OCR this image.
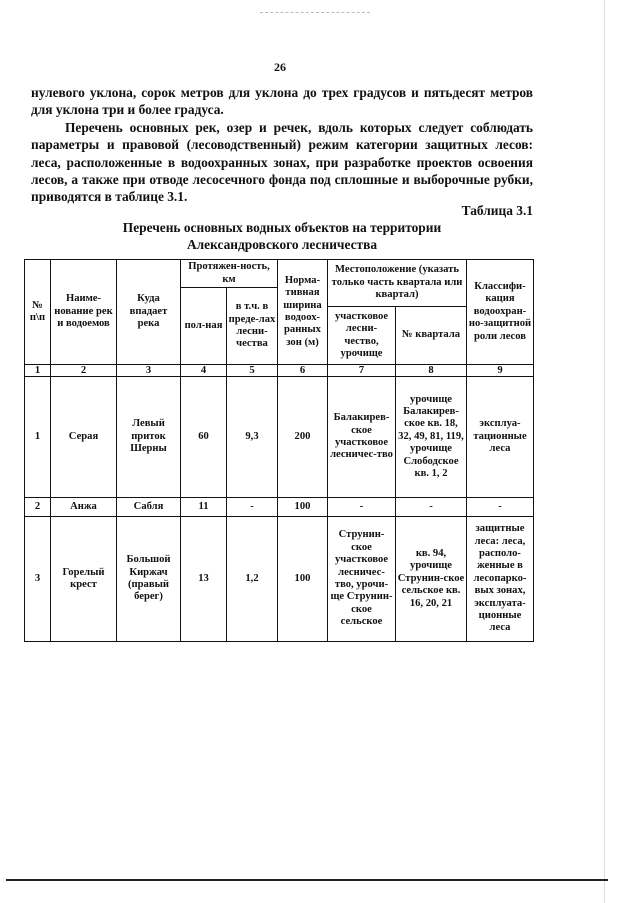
26

нулевого уклона, сорок метров для уклона до трех градусов и пятьдесят метров для уклона три и более градуса.

Перечень основных рек, озер и речек, вдоль которых следует соблюдать параметры и правовой (лесоводственный) режим категории защитных лесов: леса, расположенные в водоохранных зонах, при разработке проектов освоения лесов, а также при отводе лесосечного фонда под сплошные и выборочные рубки, приводятся в таблице 3.1.

Таблица 3.1
Перечень основных водных объектов на территории
Александровского лесничества
№ п\п	Наиме-нование рек и водоемов	Куда впадает река	Протяжен-ность, км		Норма-тивная ширина водоох-ранных зон (м)	Местоположение (указать только часть квартала или квартал)		Классифи-кация водоохран-но-защитной роли лесов
			пол-ная	в т.ч. в преде-лах лесни-чества				
						участковое лесни-чество, урочище	№ квартала	
1	2	3	4	5	6	7	8	9
1	Серая	Левый приток Шерны	60	9,3	200	Балакирев-ское участковое лесничес-тво	урочище Балакирев-ское кв. 18, 32, 49, 81, 119, урочище Слободское кв. 1, 2	эксплуа-тационные леса
2	Анжа	Сабля	11	-	100	-	-	-
3	Горелый крест	Большой Киржач (правый берег)	13	1,2	100	Струнин-ское участковое лесничес-тво, урочи-ще Струнин-ское сельское	кв. 94, урочище Струнин-ское сельское кв. 16, 20, 21	защитные леса: леса, располо-женные в лесопарко-вых зонах, эксплуата-ционные леса
